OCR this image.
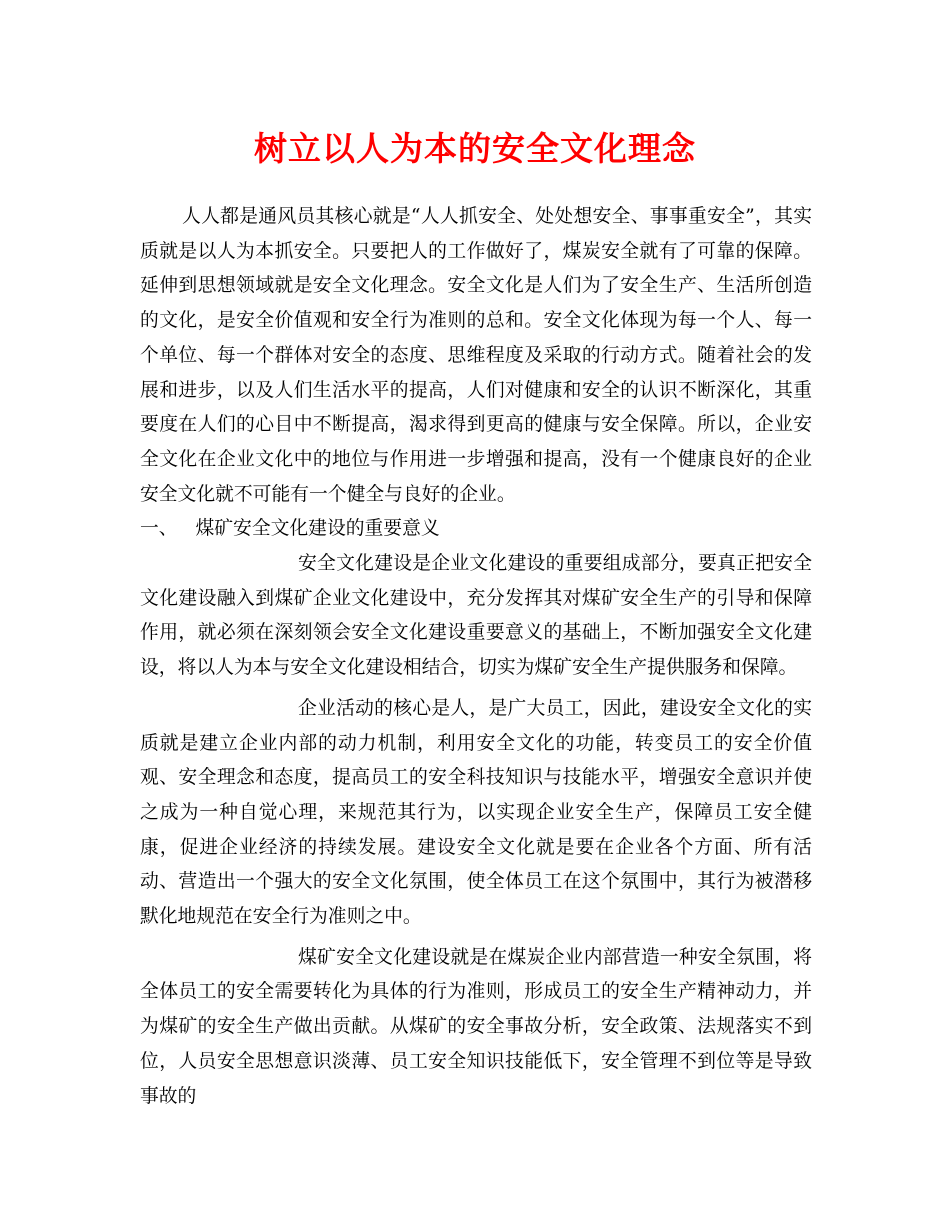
树立以人为本的安全文化理念

人人都是通风员其核心就是“人人抓安全、处处想安全、事事重安全”，其实质就是以人为本抓安全。只要把人的工作做好了，煤炭安全就有了可靠的保障。延伸到思想领域就是安全文化理念。安全文化是人们为了安全生产、生活所创造的文化，是安全价值观和安全行为准则的总和。安全文化体现为每一个人、每一个单位、每一个群体对安全的态度、思维程度及采取的行动方式。随着社会的发展和进步，以及人们生活水平的提高，人们对健康和安全的认识不断深化，其重要度在人们的心目中不断提高，渴求得到更高的健康与安全保障。所以，企业安全文化在企业文化中的地位与作用进一步增强和提高，没有一个健康良好的企业安全文化就不可能有一个健全与良好的企业。

一、 煤矿安全文化建设的重要意义

安全文化建设是企业文化建设的重要组成部分，要真正把安全文化建设融入到煤矿企业文化建设中，充分发挥其对煤矿安全生产的引导和保障作用，就必须在深刻领会安全文化建设重要意义的基础上，不断加强安全文化建设，将以人为本与安全文化建设相结合，切实为煤矿安全生产提供服务和保障。

企业活动的核心是人，是广大员工，因此，建设安全文化的实质就是建立企业内部的动力机制，利用安全文化的功能，转变员工的安全价值观、安全理念和态度，提高员工的安全科技知识与技能水平，增强安全意识并使之成为一种自觉心理，来规范其行为，以实现企业安全生产，保障员工安全健康，促进企业经济的持续发展。建设安全文化就是要在企业各个方面、所有活动、营造出一个强大的安全文化氛围，使全体员工在这个氛围中，其行为被潜移默化地规范在安全行为准则之中。

煤矿安全文化建设就是在煤炭企业内部营造一种安全氛围，将全体员工的安全需要转化为具体的行为准则，形成员工的安全生产精神动力，并为煤矿的安全生产做出贡献。从煤矿的安全事故分析，安全政策、法规落实不到位，人员安全思想意识淡薄、员工安全知识技能低下，安全管理不到位等是导致事故的
